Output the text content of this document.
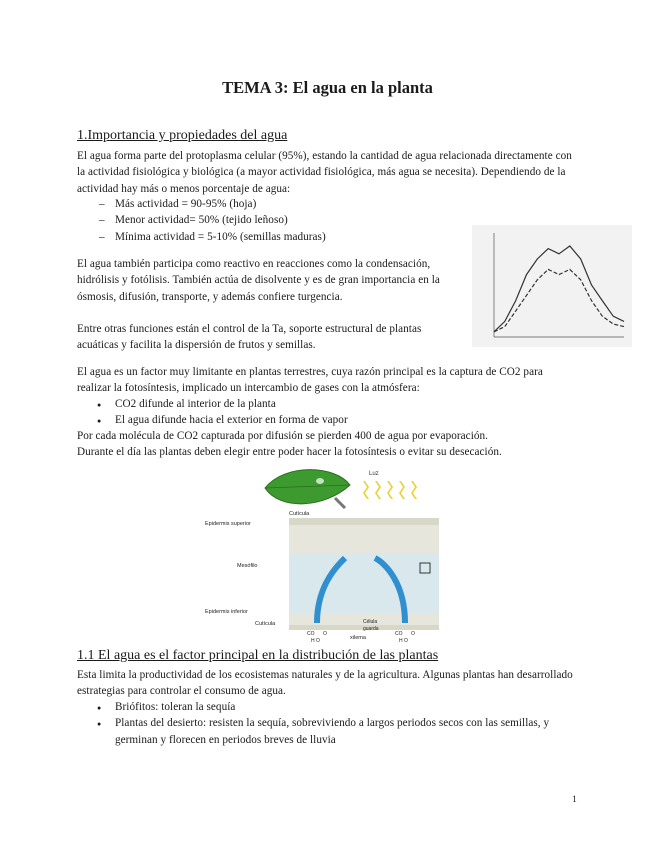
TEMA 3: El agua en la planta
1.Importancia y propiedades del agua
El agua forma parte del protoplasma celular (95%), estando la cantidad de agua relacionada directamente con la actividad fisiológica y biológica (a mayor actividad fisiológica, más agua se necesita). Dependiendo de la actividad hay más o menos porcentaje de agua:
– Más actividad = 90-95% (hoja)
– Menor actividad= 50% (tejido leñoso)
– Mínima actividad = 5-10% (semillas maduras)
El agua también participa como reactivo en reacciones como la condensación, hidrólisis y fotólisis. También actúa de disolvente y es de gran importancia en la ósmosis, difusión, transporte, y además confiere turgencia.
Entre otras funciones están el control de la Ta, soporte estructural de plantas acuáticas y facilita la dispersión de frutos y semillas.
El agua es un factor muy limitante en plantas terrestres, cuya razón principal es la captura de CO2 para realizar la fotosíntesis, implicado un intercambio de gases con la atmósfera:
● CO2 difunde al interior de la planta
● El agua difunde hacia el exterior en forma de vapor
Por cada molécula de CO2 capturada por difusión se pierden 400 de agua por evaporación.
Durante el día las plantas deben elegir entre poder hacer la fotosíntesis o evitar su desecación.
Luz
Cutícula
Epidermis superior
Mesófilo
Epidermis inferior
Cutícula	Célula
guarda
xilema
CO O
H O
CO O
H O
1.1 El agua es el factor principal en la distribución de las plantas
Esta limita la productividad de los ecosistemas naturales y de la agricultura. Algunas plantas han desarrollado estrategias para controlar el consumo de agua.
● Briófitos: toleran la sequía
● Plantas del desierto: resisten la sequía, sobreviviendo a largos periodos secos con las semillas, y germinan y florecen en periodos breves de lluvia
1
